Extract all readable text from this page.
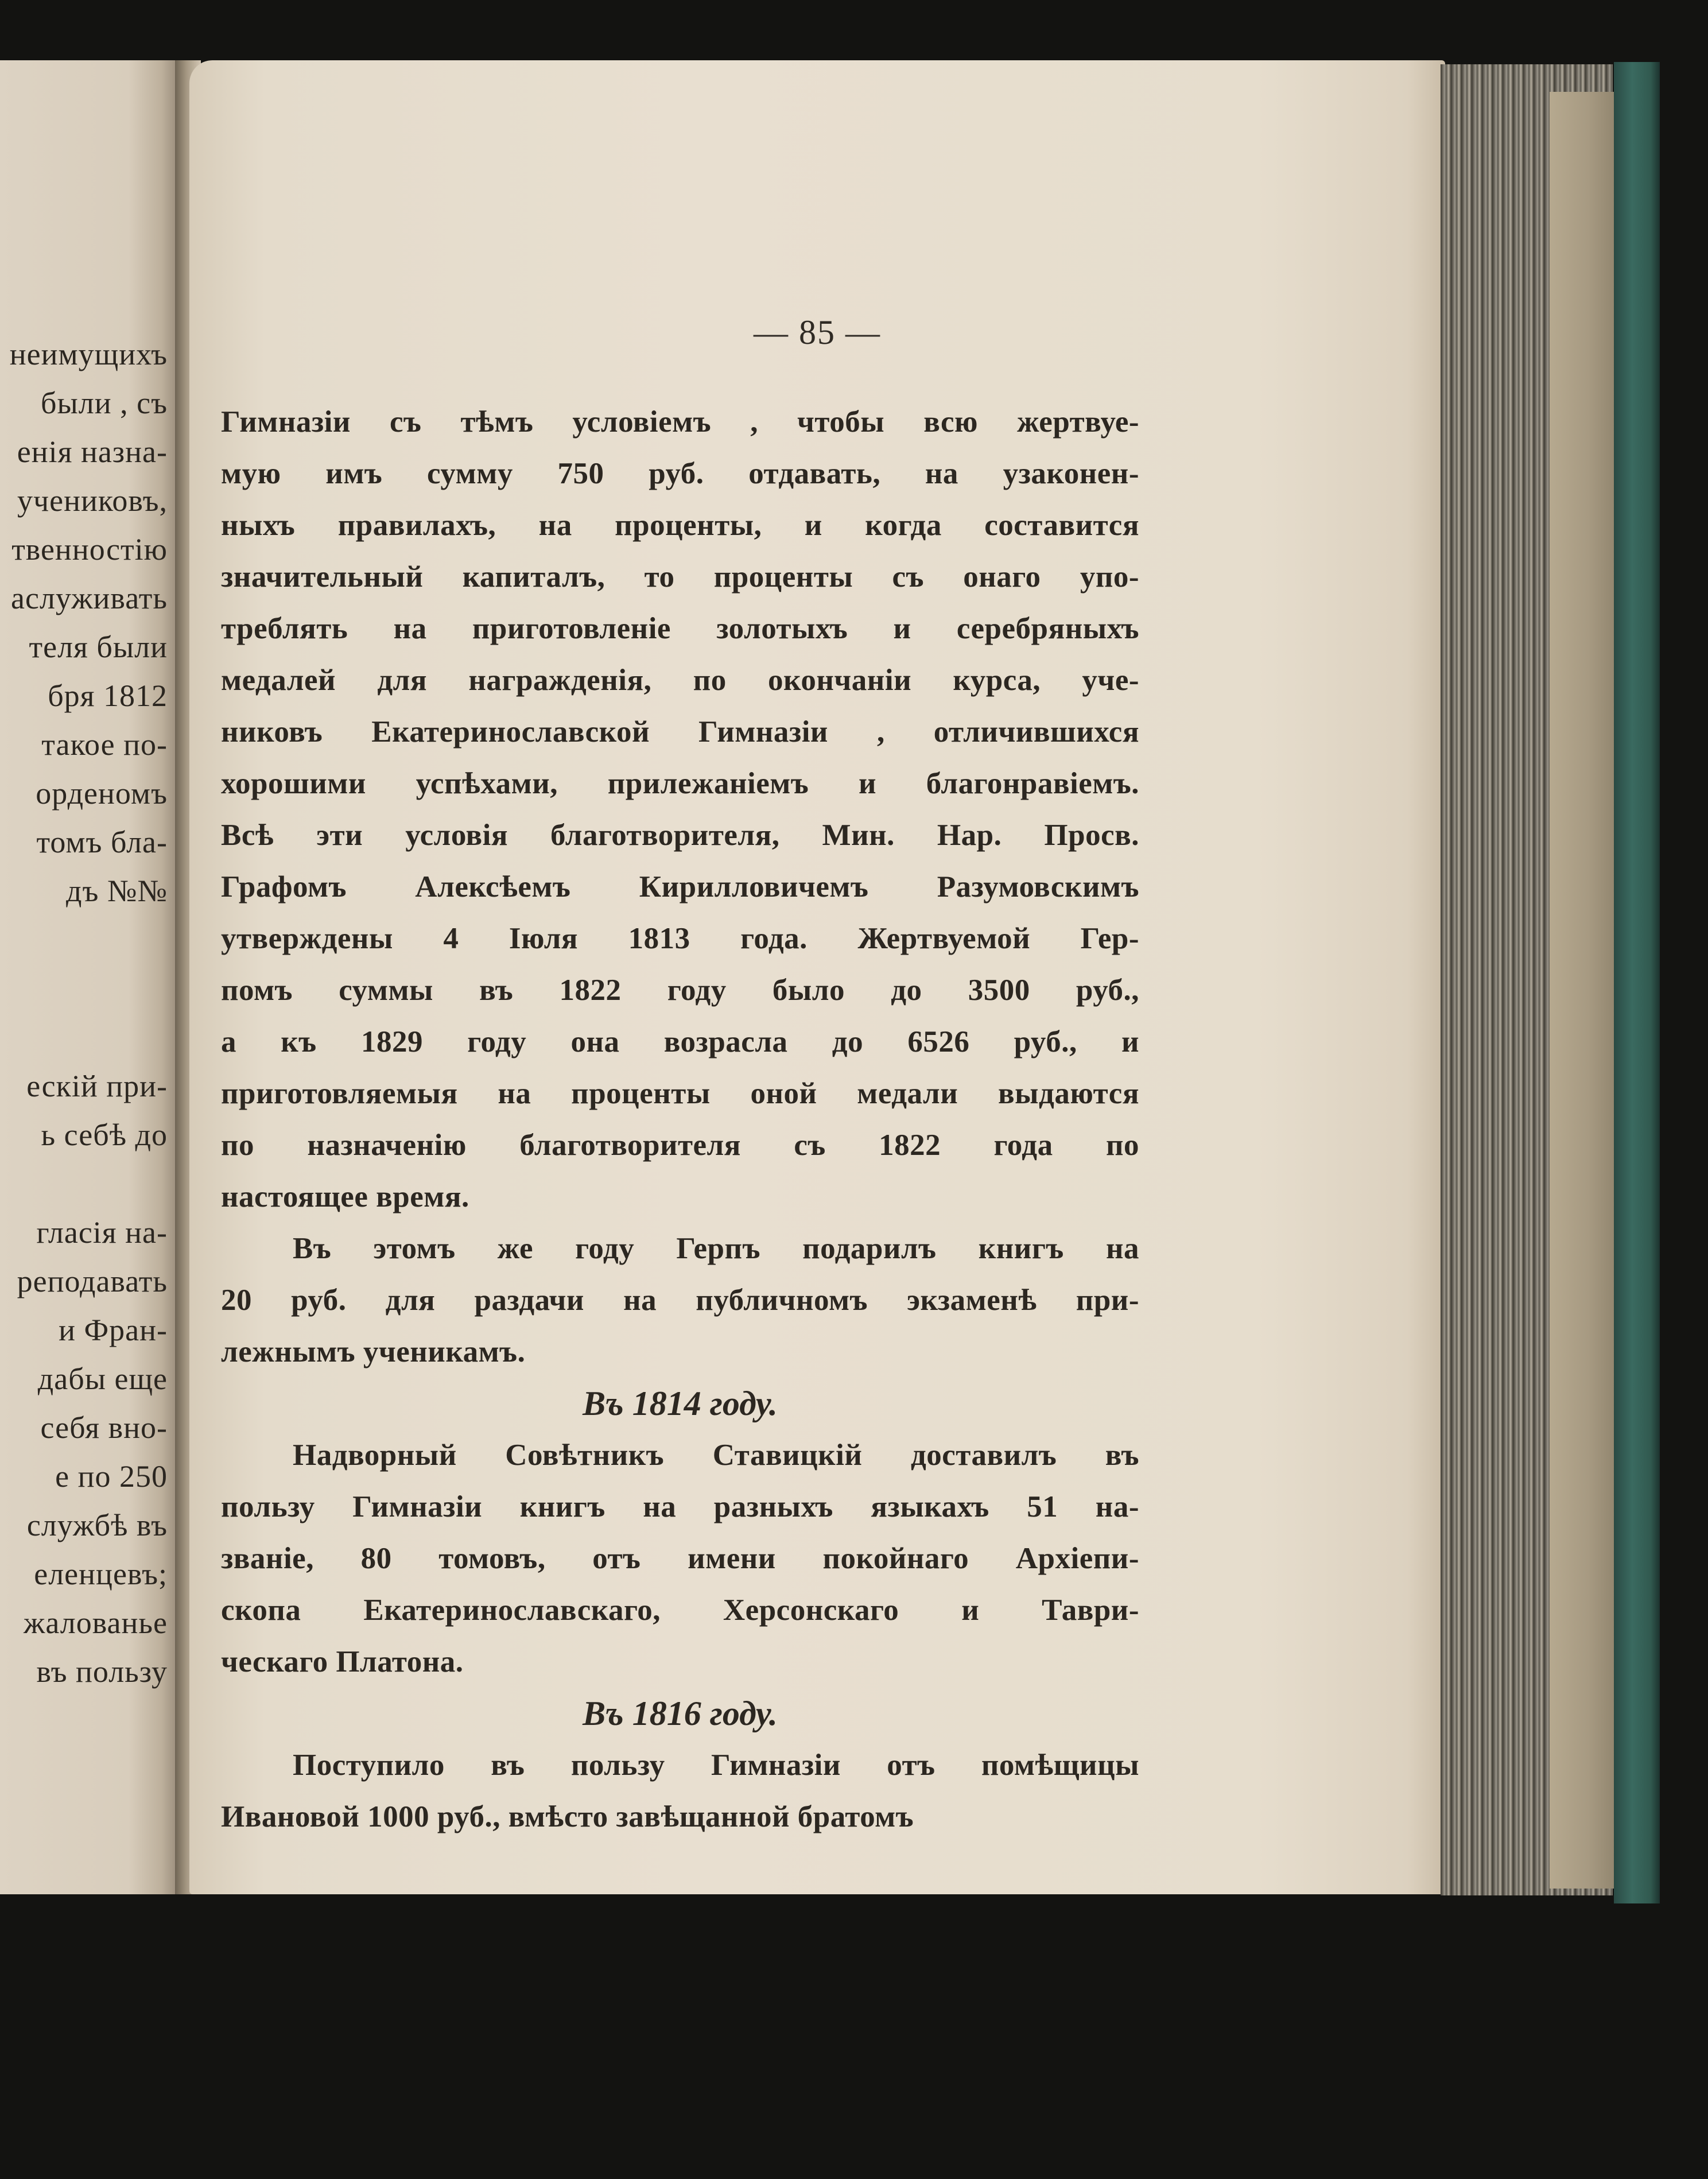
неимущихъ
были , съ
енія назна-
учениковъ,
твенностію
аслуживать
теля были
бря 1812
такое по-
орденомъ
томъ бла-
дъ №№
ескій при-
ь себѣ до
гласія на-
реподавать
и Фран-
дабы еще
себя вно-
е по 250
службѣ въ
еленцевъ;
жалованье
въ пользу
— 85 —
Гимназіи съ тѣмъ условіемъ , чтобы всю жертвуе-
мую имъ сумму 750 руб. отдавать, на узаконен-
ныхъ правилахъ, на проценты, и когда составится
значительный капиталъ, то проценты съ онаго упо-
треблять на приготовленіе золотыхъ и серебряныхъ
медалей для награжденія, по окончаніи курса, уче-
никовъ Екатеринославской Гимназіи , отличившихся
хорошими успѣхами, прилежаніемъ и благонравіемъ.
Всѣ эти условія благотворителя, Мин. Нар. Просв.
Графомъ Алексѣемъ Кирилловичемъ Разумовскимъ
утверждены 4 Іюля 1813 года. Жертвуемой Гер-
помъ суммы въ 1822 году было до 3500 руб.,
а къ 1829 году она возрасла до 6526 руб., и
приготовляемыя на проценты оной медали выдаются
по назначенію благотворителя съ 1822 года по
настоящее время.
Въ этомъ же году Герпъ подарилъ книгъ на
20 руб. для раздачи на публичномъ экзаменѣ при-
лежнымъ ученикамъ.
Въ 1814 году.
Надворный Совѣтникъ Ставицкій доставилъ въ
пользу Гимназіи книгъ на разныхъ языкахъ 51 на-
званіе, 80 томовъ, отъ имени покойнаго Архіепи-
скопа Екатеринославскаго, Херсонскаго и Таври-
ческаго Платона.
Въ 1816 году.
Поступило въ пользу Гимназіи отъ помѣщицы
Ивановой 1000 руб., вмѣсто завѣщанной братомъ
